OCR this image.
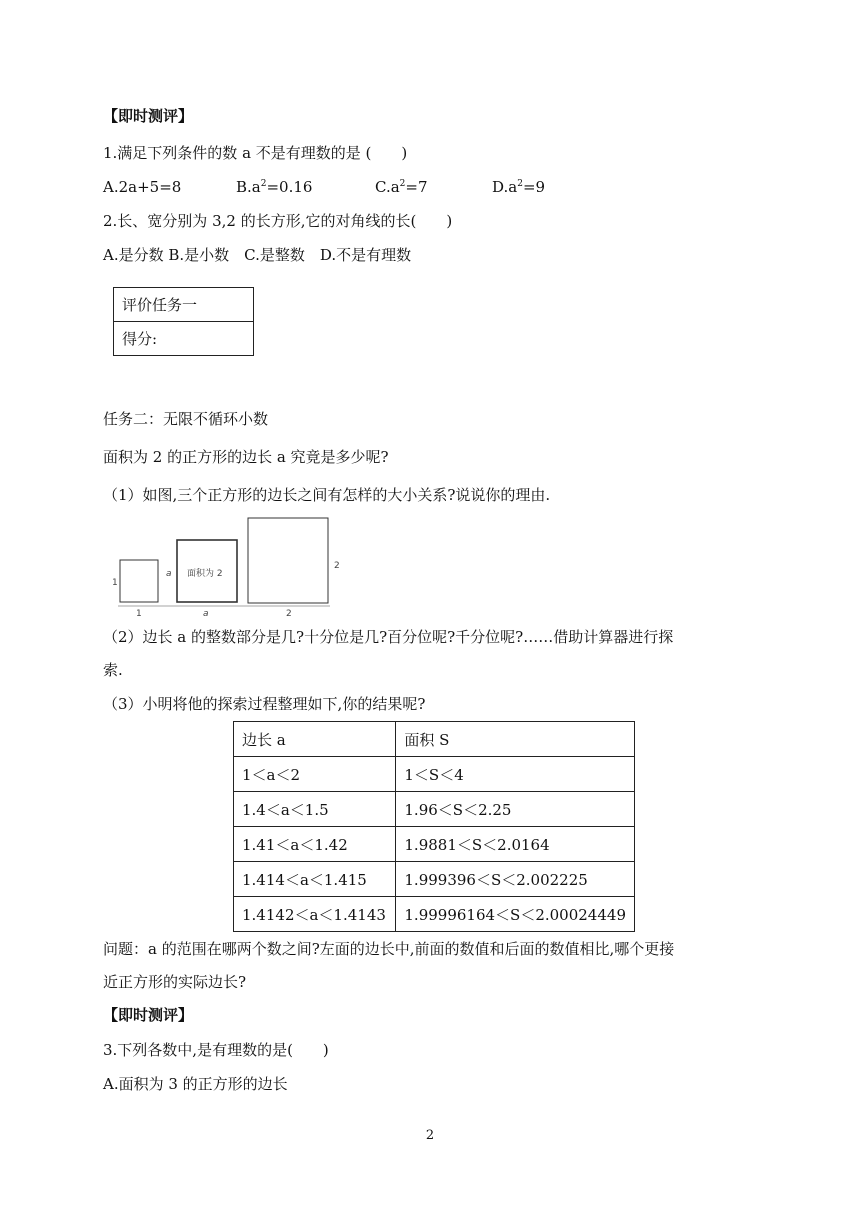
【即时测评】
1.满足下列条件的数 a 不是有理数的是 (　　)
A.2a+5=8	$B.a^2=0.16$	$C.a^2=7$	$D.a^2=9$
2.长、宽分别为 3,2 的长方形,它的对角线的长(　　)
A.是分数 B.是小数　C.是整数　D.不是有理数
评价任务一
得分:
任务二：无限不循环小数
面积为 2 的正方形的边长 a 究竟是多少呢?
（1）如图,三个正方形的边长之间有怎样的大小关系?说说你的理由.
1
1
a 面积为 2
a
2
2
（2）边长 a 的整数部分是几?十分位是几?百分位呢?千分位呢?……借助计算器进行探
索.
（3）小明将他的探索过程整理如下,你的结果呢?
边长 a	面积 S
1＜a＜2	1＜S＜4
1.4＜a＜1.5	1.96＜S＜2.25
1.41＜a＜1.42	1.9881＜S＜2.0164
1.414＜a＜1.415	1.999396＜S＜2.002225
1.4142＜a＜1.4143	1.99996164＜S＜2.00024449
问题：a 的范围在哪两个数之间?左面的边长中,前面的数值和后面的数值相比,哪个更接
近正方形的实际边长?
【即时测评】
3.下列各数中,是有理数的是(　　)
A.面积为 3 的正方形的边长
2
